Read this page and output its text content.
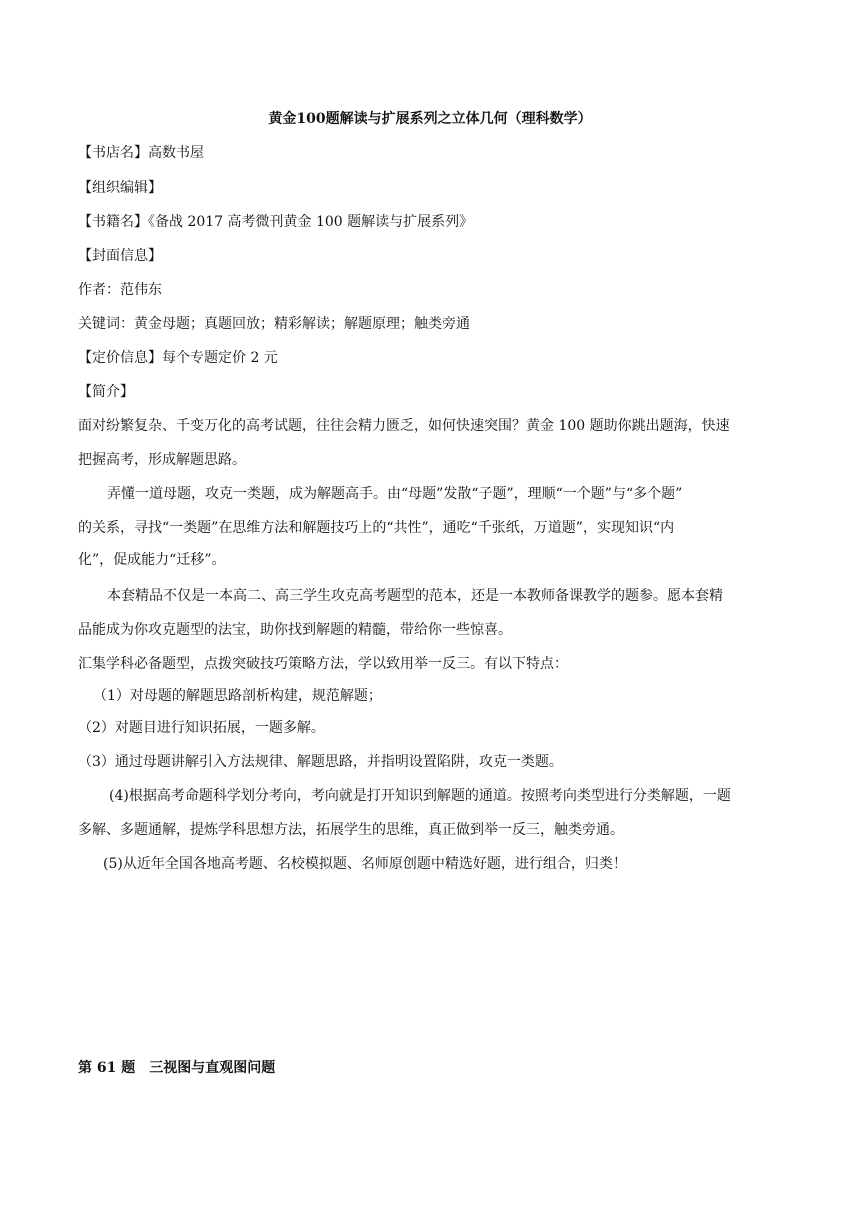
黄金100题解读与扩展系列之立体几何（理科数学）
【书店名】高数书屋
【组织编辑】
【书籍名】《备战 2017 高考微刊黄金 100 题解读与扩展系列》
【封面信息】
作者：范伟东
关键词：黄金母题；真题回放；精彩解读；解题原理；触类旁通
【定价信息】每个专题定价 2 元
【简介】
面对纷繁复杂、千变万化的高考试题，往往会精力匮乏，如何快速突围？黄金 100 题助你跳出题海，快速
把握高考，形成解题思路。
弄懂一道母题，攻克一类题，成为解题高手。由“母题”发散“子题”，理顺“一个题”与“多个题”
的关系，寻找“一类题”在思维方法和解题技巧上的“共性”，通吃“千张纸，万道题”，实现知识“内
化”，促成能力“迁移”。
本套精品不仅是一本高二、高三学生攻克高考题型的范本，还是一本教师备课教学的题参。愿本套精
品能成为你攻克题型的法宝，助你找到解题的精髓，带给你一些惊喜。
汇集学科必备题型，点拨突破技巧策略方法，学以致用举一反三。有以下特点：
（1）对母题的解题思路剖析构建，规范解题；
（2）对题目进行知识拓展，一题多解。
（3）通过母题讲解引入方法规律、解题思路，并指明设置陷阱，攻克一类题。
(4)根据高考命题科学划分考向，考向就是打开知识到解题的通道。按照考向类型进行分类解题，一题
多解、多题通解，提炼学科思想方法，拓展学生的思维，真正做到举一反三，触类旁通。
(5)从近年全国各地高考题、名校模拟题、名师原创题中精选好题，进行组合，归类！
第 61 题　三视图与直观图问题
